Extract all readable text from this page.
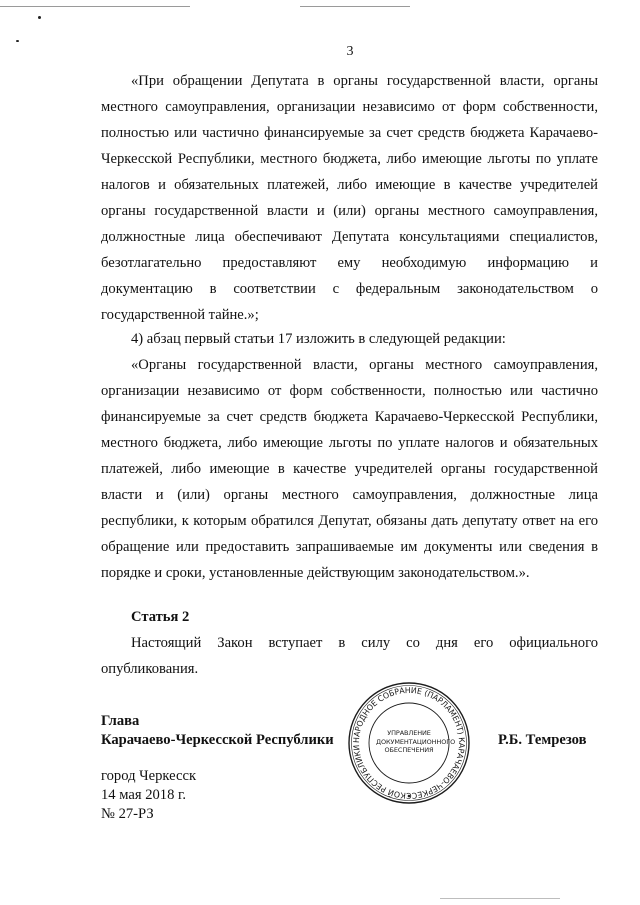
3
«При обращении Депутата в органы государственной власти, органы
местного самоуправления, организации независимо от форм собственности,
полностью или частично финансируемые за счет средств бюджета Карачаево-
Черкесской Республики, местного бюджета, либо имеющие льготы по уплате
налогов и обязательных платежей, либо имеющие в качестве учредителей
органы государственной власти и (или) органы местного самоуправления,
должностные лица обеспечивают Депутата консультациями специалистов,
безотлагательно предоставляют ему необходимую информацию и
документацию в соответствии с федеральным законодательством о
государственной тайне.»;
4) абзац первый статьи 17 изложить в следующей редакции:
«Органы государственной власти, органы местного самоуправления,
организации независимо от форм собственности, полностью или частично
финансируемые за счет средств бюджета Карачаево-Черкесской Республики,
местного бюджета, либо имеющие льготы по уплате налогов и обязательных
платежей, либо имеющие в качестве учредителей органы государственной
власти и (или) органы местного самоуправления, должностные лица
республики, к которым обратился Депутат, обязаны дать депутату ответ на его
обращение или предоставить запрашиваемые им документы или сведения в
порядке и сроки, установленные действующим законодательством.».
Статья 2
Настоящий Закон вступает в силу со дня его официального
опубликования.
Глава
Карачаево-Черкесской Республики	Р.Б. Темрезов
НАРОДНОЕ СОБРАНИЕ (ПАРЛАМЕНТ) КАРАЧАЕВО-ЧЕРКЕС КОЙ РЕСПУБЛИКИ
УПРАВЛЕНИЕ
ДОКУМЕНТАЦИОННОГО
ОБЕСПЕЧЕНИЯ
город Черкесск
14 мая 2018 г.
№ 27-РЗ
